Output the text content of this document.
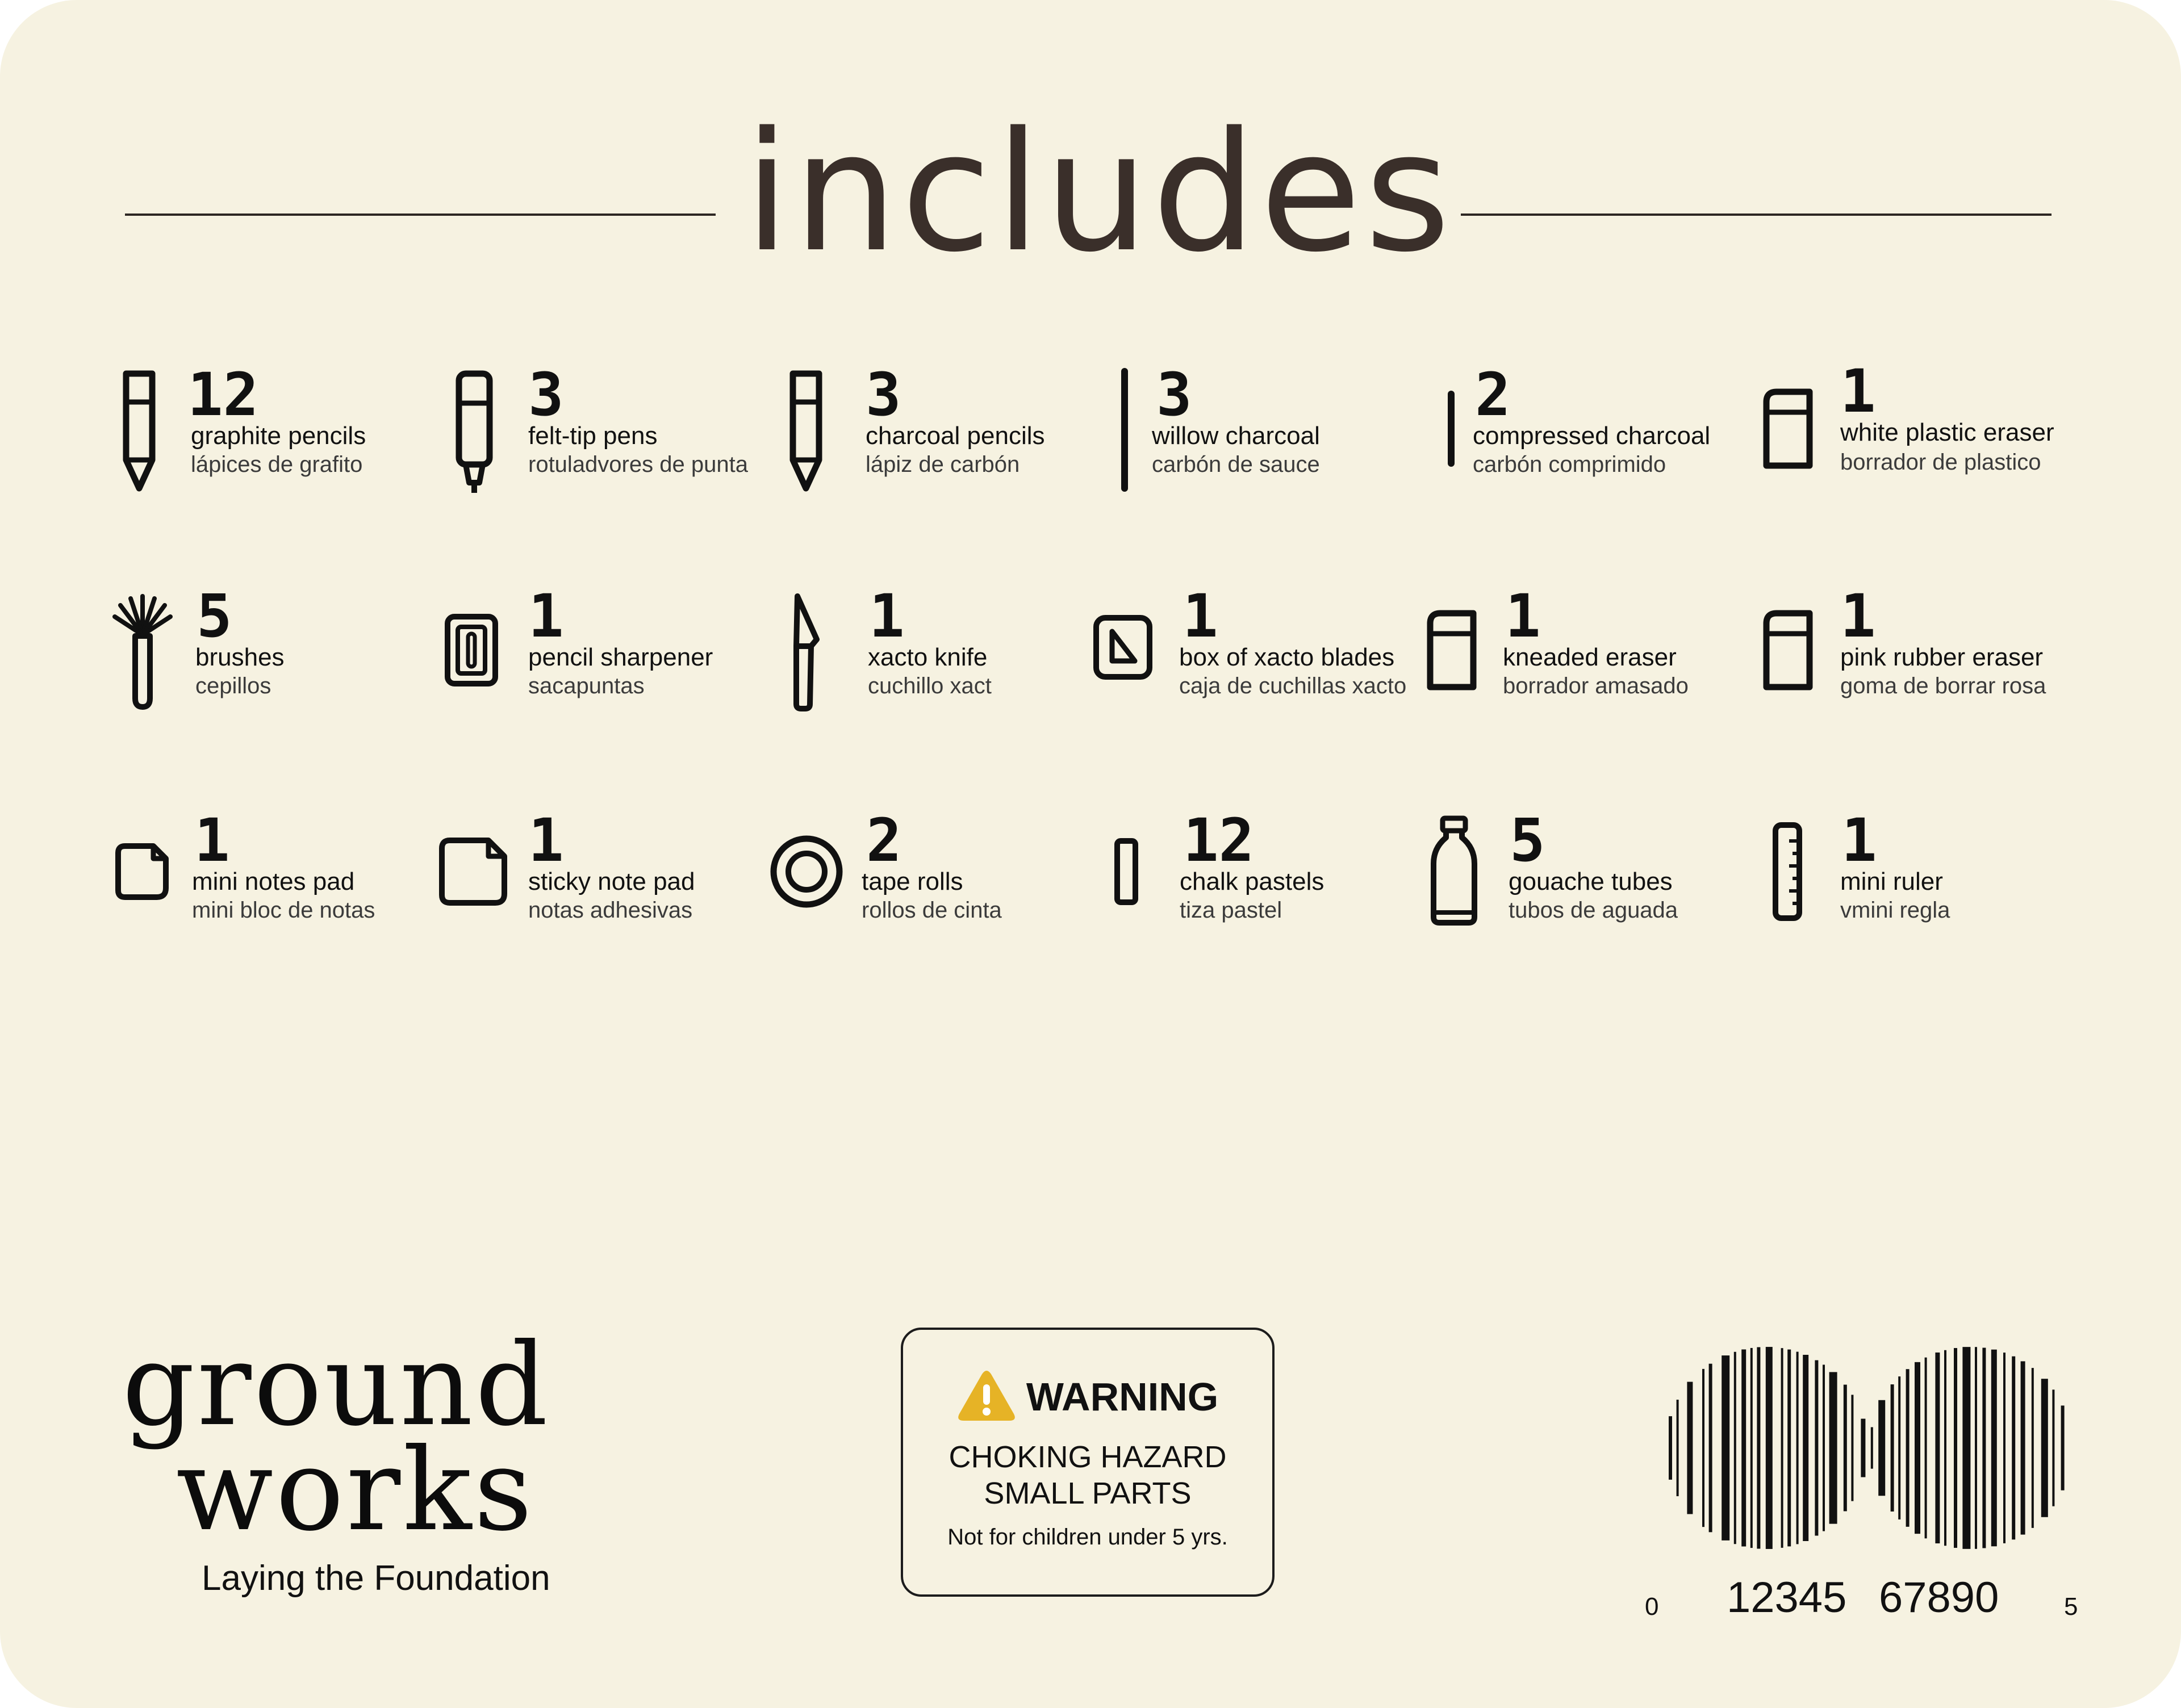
includes
12
graphite pencils
lápices de grafito
3
felt-tip pens
rotuladvores de punta
3
charcoal pencils
lápiz de carbón
3
willow charcoal
carbón de sauce
2
compressed charcoal
carbón comprimido
1
white plastic eraser
borrador de plastico
5
brushes
cepillos
1
pencil sharpener
sacapuntas
1
xacto knife
cuchillo xact
1
box of xacto blades
caja de cuchillas xacto
1
kneaded eraser
borrador amasado
1
pink rubber eraser
goma de borrar rosa
1
mini notes pad
mini bloc de notas
1
sticky note pad
notas adhesivas
2
tape rolls
rollos de cinta
12
chalk pastels
tiza pastel
5
gouache tubes
tubos de aguada
1
mini ruler
vmini regla
ground
works
Laying the Foundation
WARNING
CHOKING HAZARD
SMALL PARTS
Not for children under 5 yrs.
0 12345 67890	5
